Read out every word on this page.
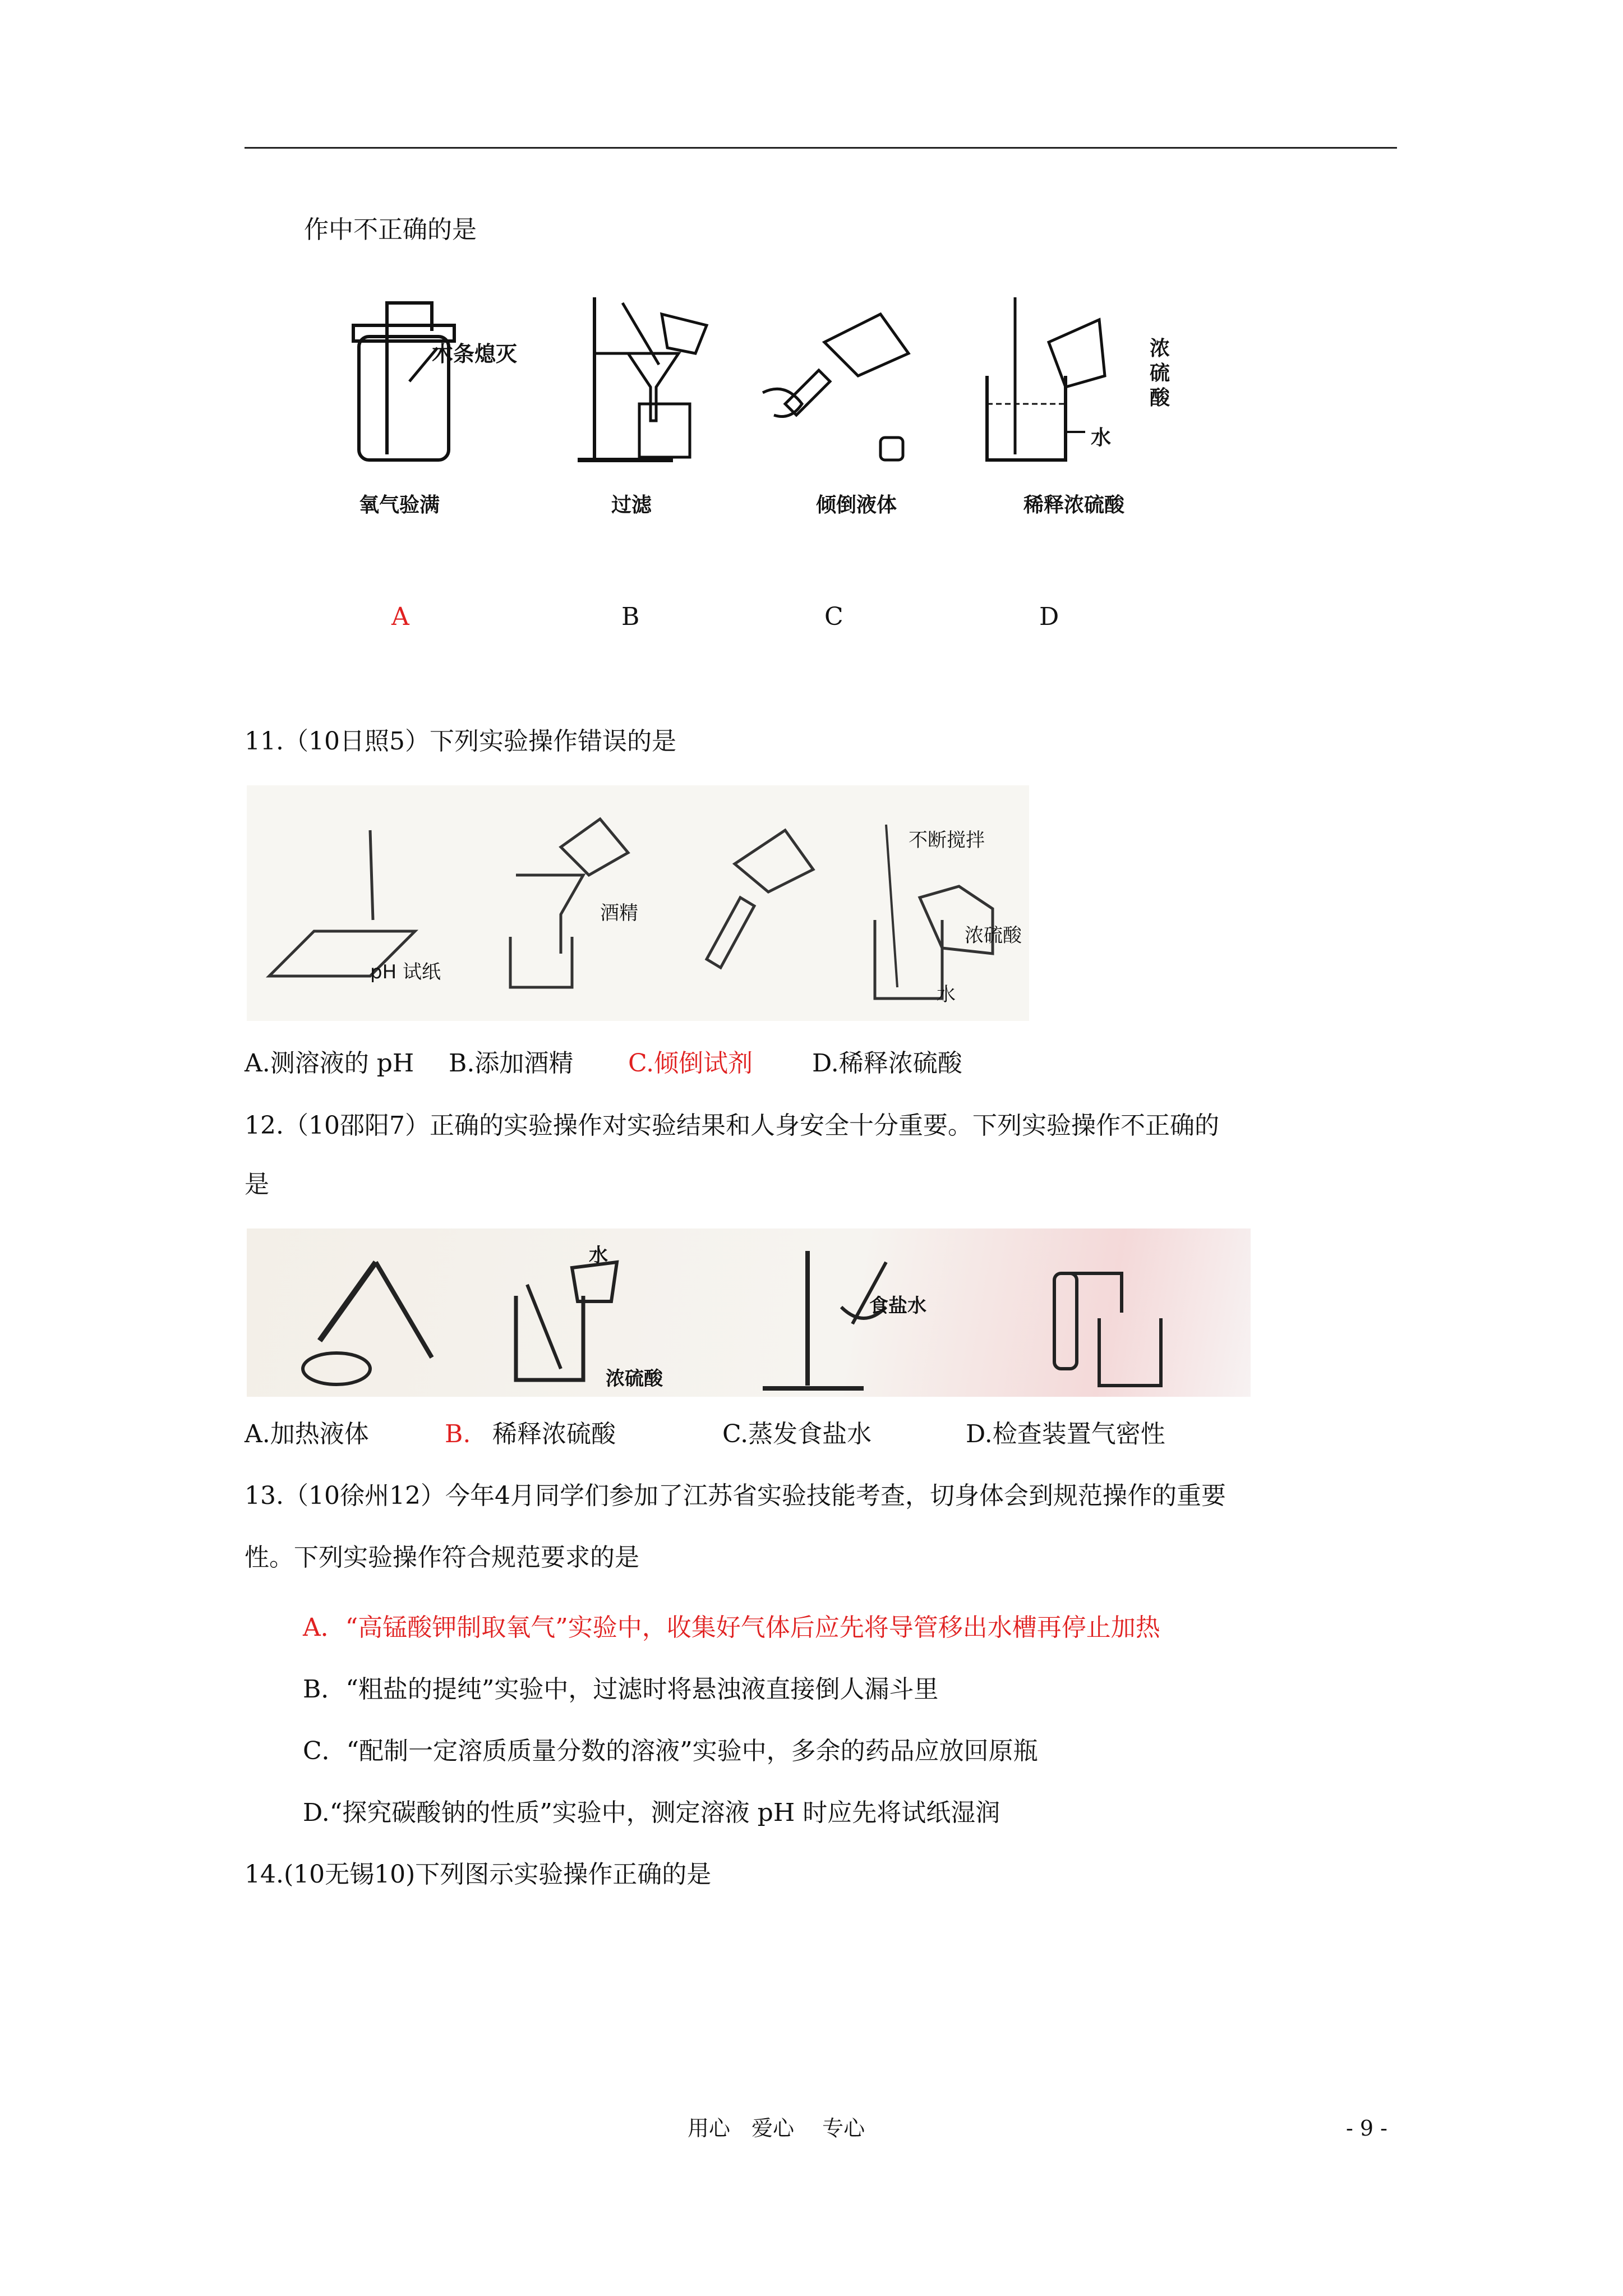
作中不正确的是
木条熄灭	浓
硫
酸
水
氧气验满	过滤	倾倒液体	稀释浓硫酸
A	B	C	D
11.（10日照5）下列实验操作错误的是
pH 试纸
酒精
不断搅拌
浓硫酸
水
A.测溶液的 pH B.添加酒精 C.倾倒试剂 D.稀释浓硫酸
12.（10邵阳7）正确的实验操作对实验结果和人身安全十分重要。下列实验操作不正确的
是
水
浓硫酸
食盐水
A.加热液体	B. 稀释浓硫酸	C.蒸发食盐水	D.检查装置气密性
13.（10徐州12）今年4月同学们参加了江苏省实验技能考查，切身体会到规范操作的重要
性。下列实验操作符合规范要求的是
A．“高锰酸钾制取氧气”实验中，收集好气体后应先将导管移出水槽再停止加热
B．“粗盐的提纯”实验中，过滤时将悬浊液直接倒人漏斗里
C．“配制一定溶质质量分数的溶液”实验中，多余的药品应放回原瓶
D.“探究碳酸钠的性质”实验中，测定溶液 pH 时应先将试纸湿润
14.(10无锡10)下列图示实验操作正确的是
用心　爱心　 专心	- 9 -
